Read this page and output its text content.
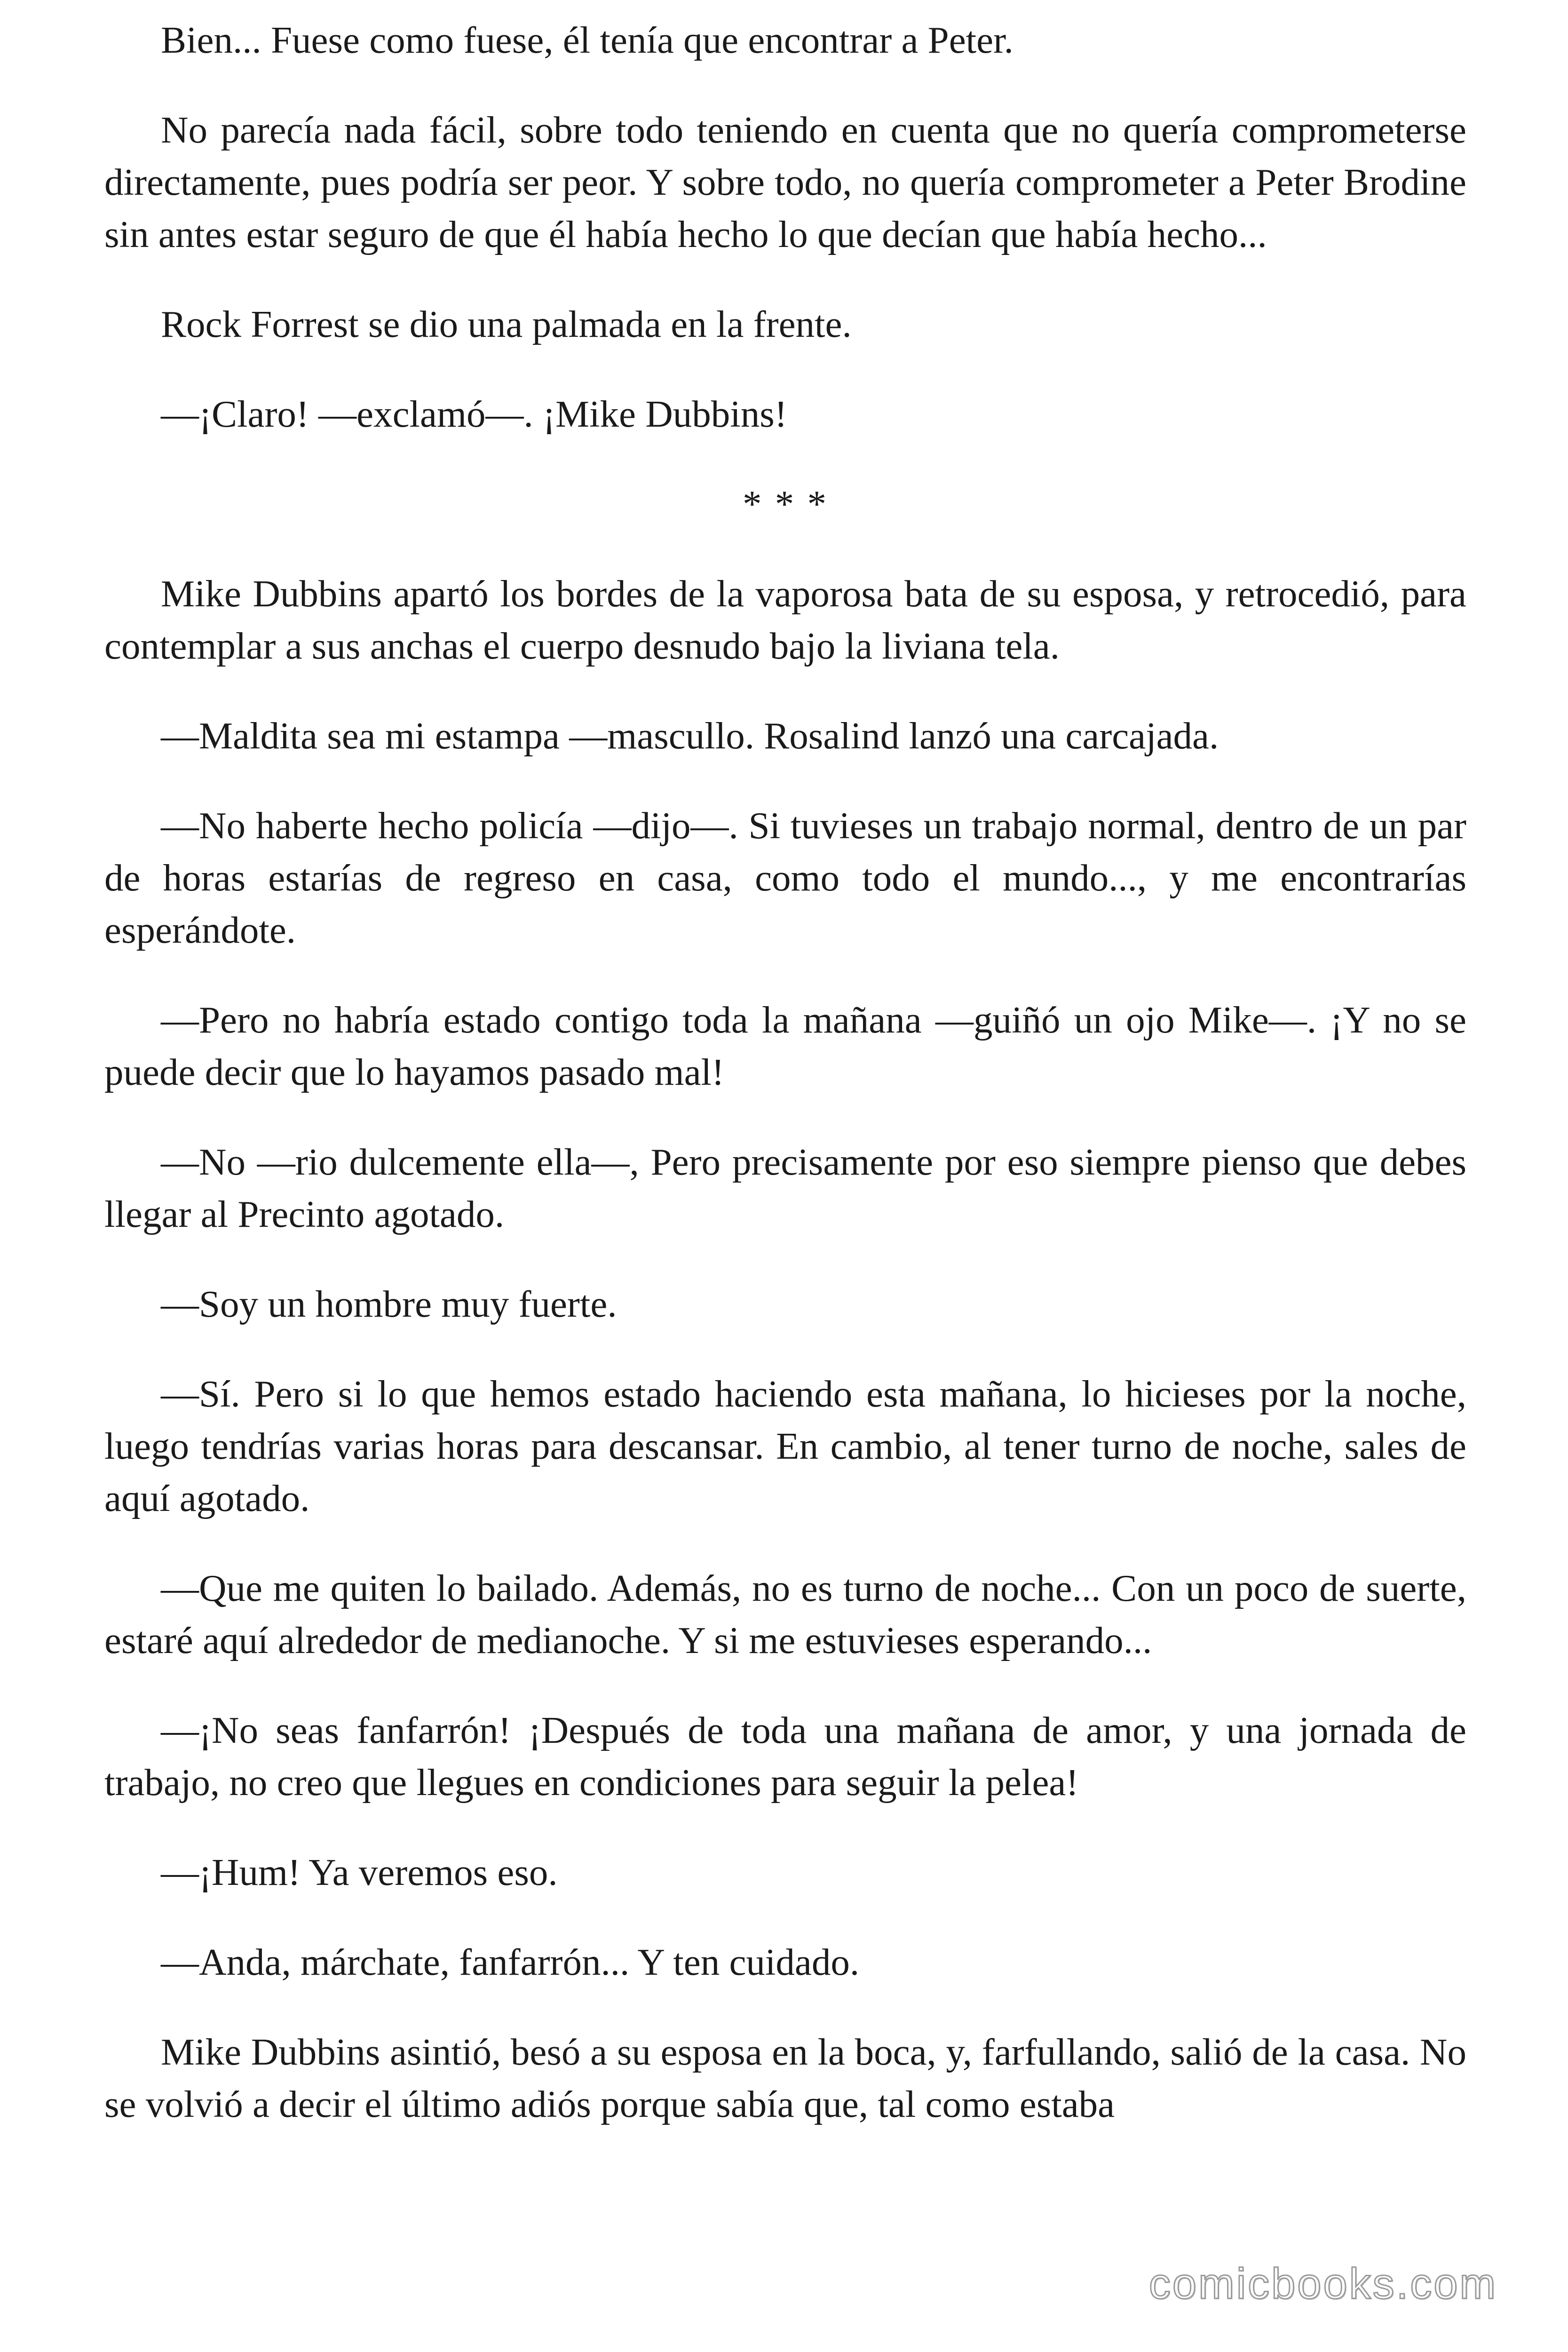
Bien... Fuese como fuese, él tenía que encontrar a Peter.

No parecía nada fácil, sobre todo teniendo en cuenta que no quería comprometerse directamente, pues podría ser peor. Y sobre todo, no quería comprometer a Peter Brodine sin antes estar seguro de que él había hecho lo que decían que había hecho...

Rock Forrest se dio una palmada en la frente.

—¡Claro! —exclamó—. ¡Mike Dubbins!

* * *

Mike Dubbins apartó los bordes de la vaporosa bata de su esposa, y retrocedió, para contemplar a sus anchas el cuerpo desnudo bajo la liviana tela.

—Maldita sea mi estampa —mascullo. Rosalind lanzó una carcajada.

—No haberte hecho policía —dijo—. Si tuvieses un trabajo normal, dentro de un par de horas estarías de regreso en casa, como todo el mundo..., y me encontrarías esperándote.

—Pero no habría estado contigo toda la mañana —guiñó un ojo Mike—. ¡Y no se puede decir que lo hayamos pasado mal!

—No —rio dulcemente ella—, Pero precisamente por eso siempre pienso que debes llegar al Precinto agotado.

—Soy un hombre muy fuerte.

—Sí. Pero si lo que hemos estado haciendo esta mañana, lo hicieses por la noche, luego tendrías varias horas para descansar. En cambio, al tener turno de noche, sales de aquí agotado.

—Que me quiten lo bailado. Además, no es turno de noche... Con un poco de suerte, estaré aquí alrededor de medianoche. Y si me estuvieses esperando...

—¡No seas fanfarrón! ¡Después de toda una mañana de amor, y una jornada de trabajo, no creo que llegues en condiciones para seguir la pelea!

—¡Hum! Ya veremos eso.

—Anda, márchate, fanfarrón... Y ten cuidado.

Mike Dubbins asintió, besó a su esposa en la boca, y, farfullando, salió de la casa. No se volvió a decir el último adiós porque sabía que, tal como estaba

comicbooks.com
